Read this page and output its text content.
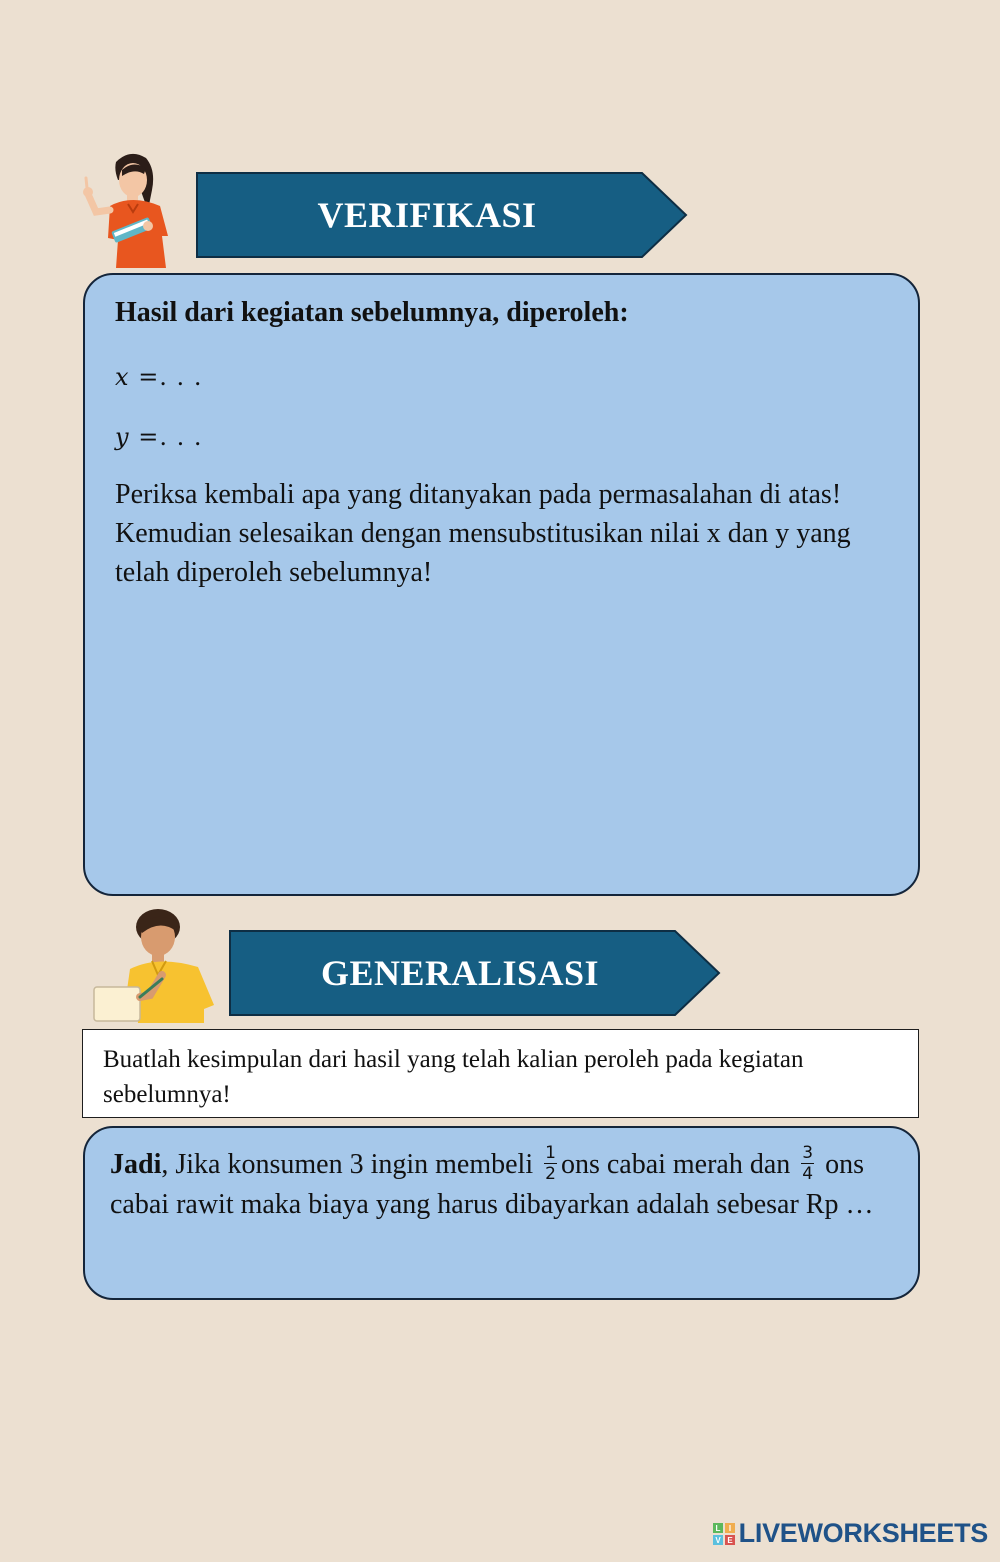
VERIFIKASI
Hasil dari kegiatan sebelumnya, diperoleh:
x =. . .
y =. . .
Periksa kembali apa yang ditanyakan pada permasalahan di atas! Kemudian selesaikan dengan mensubstitusikan nilai x dan y yang telah diperoleh sebelumnya!
GENERALISASI
Buatlah kesimpulan dari hasil yang telah kalian peroleh pada kegiatan sebelumnya!
Jadi, Jika konsumen 3 ingin membeli $\frac{1}{2}$ ons cabai merah dan $\frac{3}{4}$ ons cabai rawit maka biaya yang harus dibayarkan adalah sebesar Rp …
L I
V E LIVEWORKSHEETS
